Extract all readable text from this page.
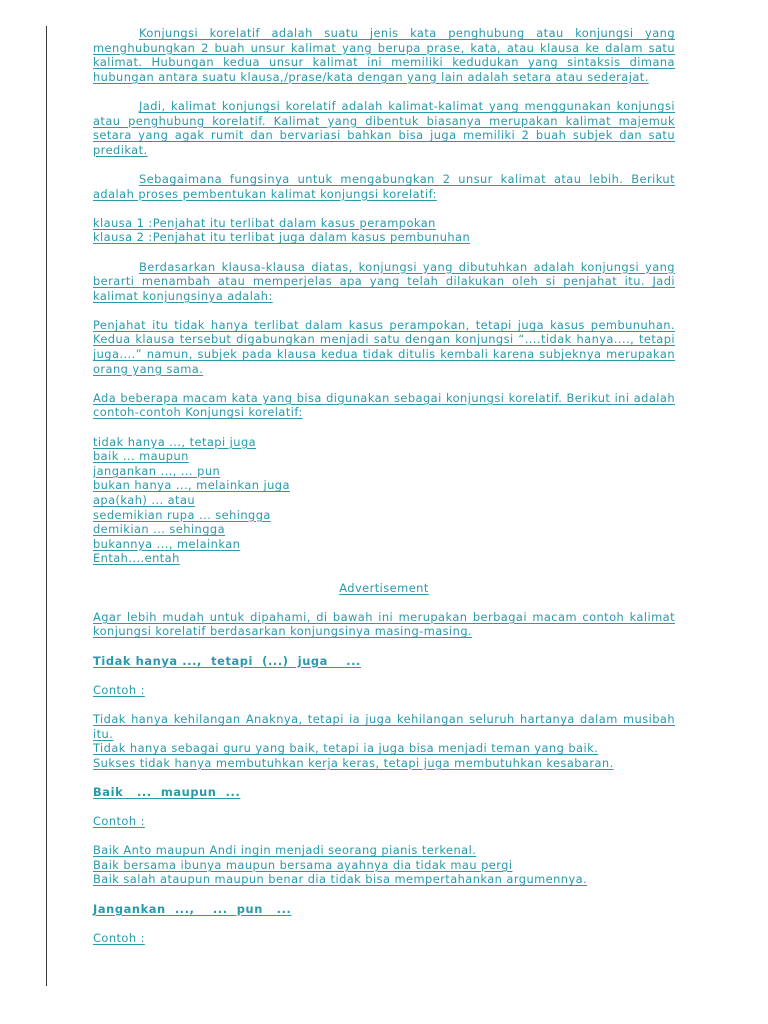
Konjungsi korelatif adalah suatu jenis kata penghubung atau konjungsi yang menghubungkan 2 buah unsur kalimat yang berupa prase, kata, atau klausa ke dalam satu kalimat. Hubungan kedua unsur kalimat ini memiliki kedudukan yang sintaksis dimana hubungan antara suatu klausa,/prase/kata dengan yang lain adalah setara atau sederajat.

Jadi, kalimat konjungsi korelatif adalah kalimat-kalimat yang menggunakan konjungsi atau penghubung korelatif. Kalimat yang dibentuk biasanya merupakan kalimat majemuk setara yang agak rumit dan bervariasi bahkan bisa juga memiliki 2 buah subjek dan satu predikat.

Sebagaimana fungsinya untuk mengabungkan 2 unsur kalimat atau lebih. Berikut adalah proses pembentukan kalimat konjungsi korelatif:

klausa 1 :Penjahat itu terlibat dalam kasus perampokan

klausa 2 :Penjahat itu terlibat juga dalam kasus pembunuhan

Berdasarkan klausa-klausa diatas, konjungsi yang dibutuhkan adalah konjungsi yang berarti menambah atau memperjelas apa yang telah dilakukan oleh si penjahat itu. Jadi kalimat konjungsinya adalah:

Penjahat itu tidak hanya terlibat dalam kasus perampokan, tetapi juga kasus pembunuhan. Kedua klausa tersebut digabungkan menjadi satu dengan konjungsi “....tidak hanya...., tetapi juga....” namun, subjek pada klausa kedua tidak ditulis kembali karena subjeknya merupakan orang yang sama.

Ada beberapa macam kata yang bisa digunakan sebagai konjungsi korelatif. Berikut ini adalah contoh-contoh Konjungsi korelatif:

tidak hanya ..., tetapi juga
baik ... maupun
jangankan ..., ... pun
bukan hanya ..., melainkan juga
apa(kah) ... atau
sedemikian rupa ... sehingga
demikian ... sehingga
bukannya ..., melainkan
Entah....entah

Advertisement

Agar lebih mudah untuk dipahami, di bawah ini merupakan berbagai macam contoh kalimat konjungsi korelatif berdasarkan konjungsinya masing-masing.

Tidak hanya ...,  tetapi  (...)  juga    ...

Contoh :

Tidak hanya kehilangan Anaknya, tetapi ia juga kehilangan seluruh hartanya dalam musibah itu.

Tidak hanya sebagai guru yang baik, tetapi ia juga bisa menjadi teman yang baik.

Sukses tidak hanya membutuhkan kerja keras, tetapi juga membutuhkan kesabaran.

Baik   ...  maupun  ...

Contoh :

Baik Anto maupun Andi ingin menjadi seorang pianis terkenal.

Baik bersama ibunya maupun bersama ayahnya dia tidak mau pergi

Baik salah ataupun maupun benar dia tidak bisa mempertahankan argumennya.

Jangankan  ...,    ...  pun   ...

Contoh :
